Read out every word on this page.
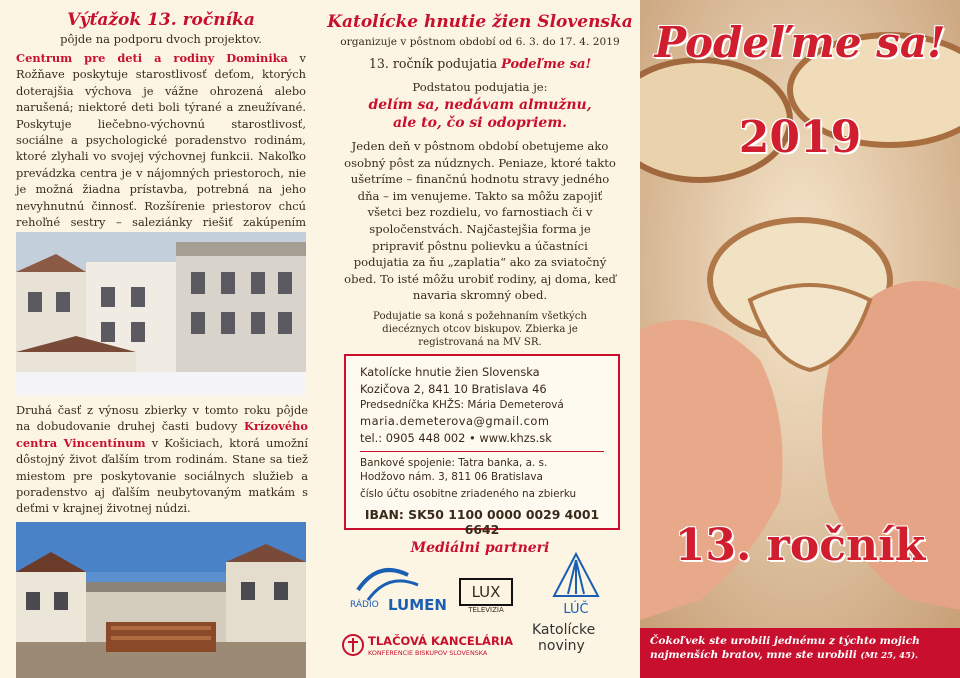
Výťažok 13. ročníka
pôjde na podporu dvoch projektov.

Centrum pre deti a rodiny Dominika v Rožňave poskytuje starostlivosť deťom, ktorých doterajšia výchova je vážne ohrozená alebo narušená; niektoré deti boli týrané a zneužívané. Poskytuje liečebno-výchovnú starostlivosť, sociálne a psychologické poradenstvo rodinám, ktoré zlyhali vo svojej výchovnej funkcii. Nakoľko prevádzka centra je v nájomných priestoroch, nie je možná žiadna prístavba, potrebná na jeho nevyhnutnú činnosť. Rozšírenie priestorov chcú rehoľné sestry – saleziánky riešiť zakúpením

Druhá časť z výnosu zbierky v tomto roku pôjde na dobudovanie druhej časti budovy Krízového centra Vincentínum v Košiciach, ktorá umožní dôstojný život ďalším trom rodinám. Stane sa tiež miestom pre poskytovanie sociálnych služieb a poradenstvo aj ďalším neubytovaným matkám s deťmi v krajnej životnej núdzi.

Katolícke hnutie žien Slovenska
organizuje v pôstnom období od 6. 3. do 17. 4. 2019
13. ročník podujatia Podeľme sa!
Podstatou podujatia je:
delím sa, nedávam almužnu,
ale to, čo si odopriem.
Jeden deň v pôstnom období obetujeme ako osobný pôst za núdznych. Peniaze, ktoré takto ušetríme – finančnú hodnotu stravy jedného dňa – im venujeme. Takto sa môžu zapojiť všetci bez rozdielu, vo farnostiach či v spoločenstvách. Najčastejšia forma je pripraviť pôstnu polievku a účastníci podujatia za ňu „zaplatia“ ako za sviatočný obed. To isté môžu urobiť rodiny, aj doma, keď navaria skromný obed.
Podujatie sa koná s požehnaním všetkých diecéznych otcov biskupov. Zbierka je registrovaná na MV SR.
Katolícke hnutie žien Slovenska
Kozičova 2, 841 10 Bratislava 46
Predsedníčka KHŽS: Mária Demeterová
maria.demeterova@gmail.com
tel.: 0905 448 002 • www.khzs.sk
Bankové spojenie: Tatra banka, a. s.
Hodžovo nám. 3, 811 06 Bratislava
číslo účtu osobitne zriadeného na zbierku
IBAN: SK50 1100 0000 0029 4001 6642
Mediálni partneri
RÁDIO LUMEN
LUX
TELEVÍZIA	LÚČ
TLAČOVÁ KANCELÁRIA
KONFERENCIE BISKUPOV SLOVENSKA
Katolícke
noviny
Podeľme sa!
2019
13. ročník
Čokoľvek ste urobili jednému z týchto mojich najmenších bratov, mne ste urobili (Mt 25, 45).
